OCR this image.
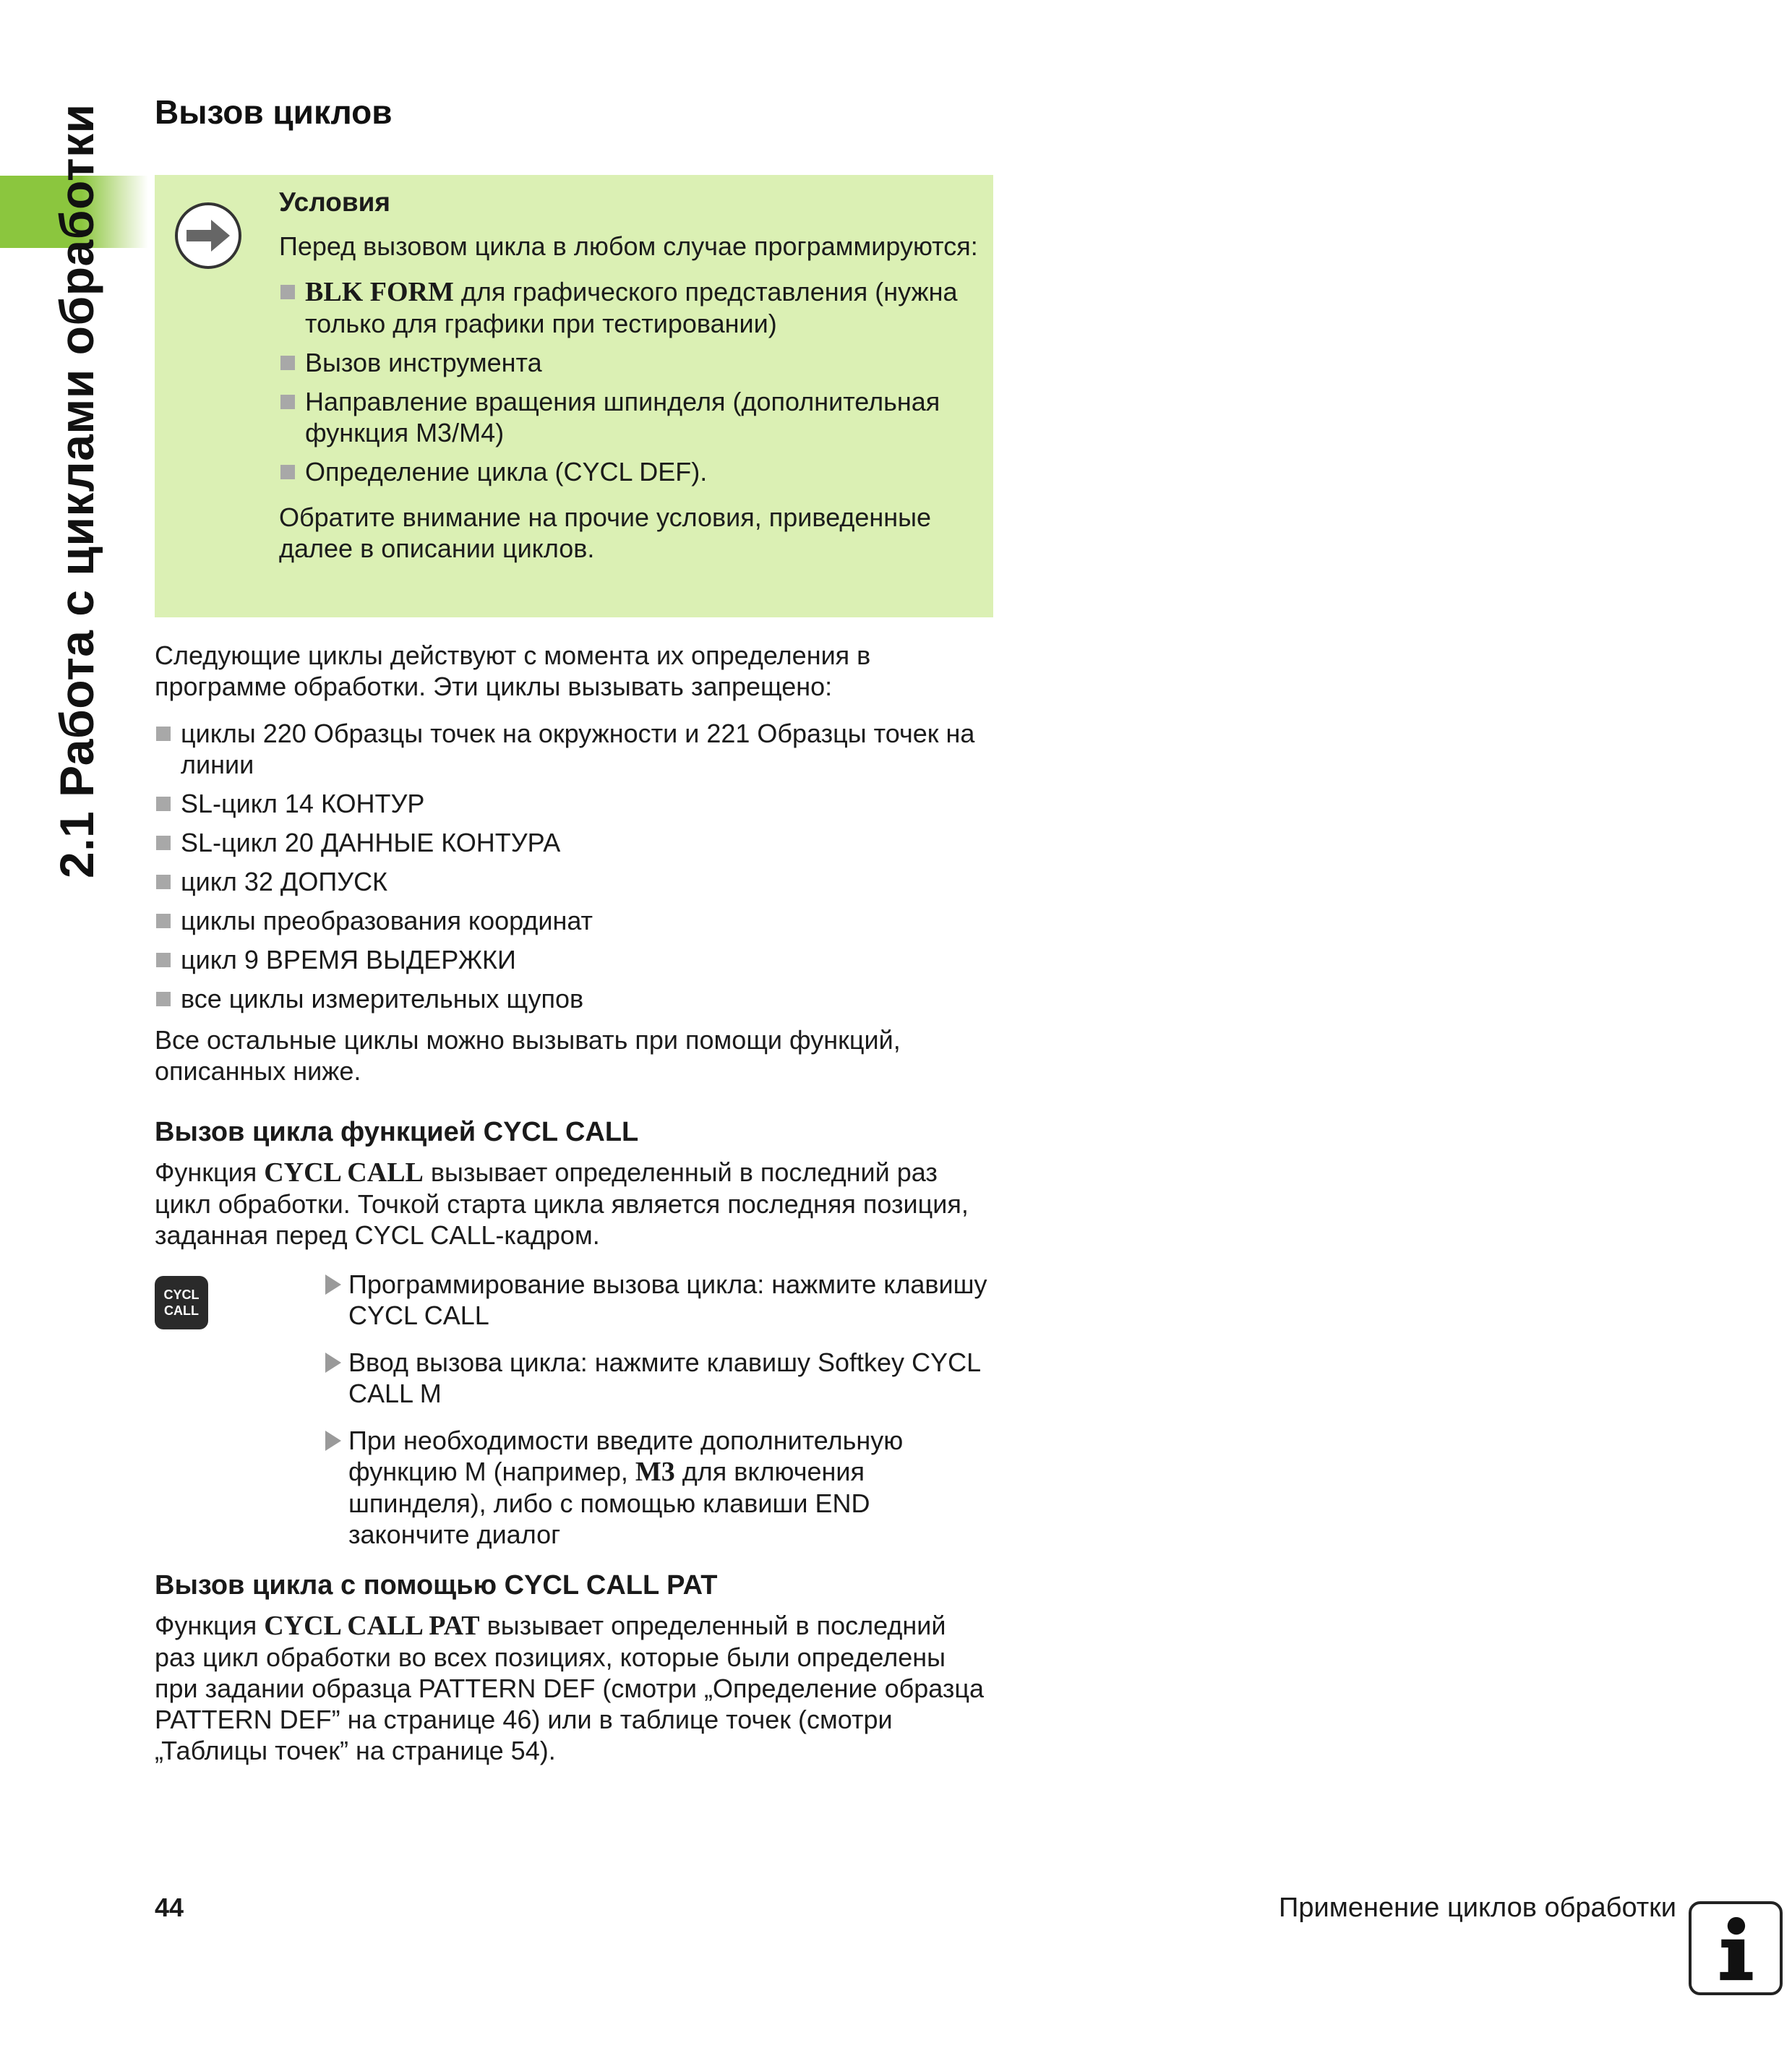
2.1 Работа с циклами обработки Вызов циклов
Условия
Перед вызовом цикла в любом случае программируются:
BLK FORM для графического представления (нужна только для графики при тестировании)
Вызов инструмента
Направление вращения шпинделя (дополнительная функция M3/M4)
Определение цикла (CYCL DEF).
Обратите внимание на прочие условия, приведенные далее в описании циклов.
Следующие циклы действуют с момента их определения в программе обработки. Эти циклы вызывать запрещено:
циклы 220 Образцы точек на окружности и 221 Образцы точек на линии
SL-цикл 14 КОНТУР
SL-цикл 20 ДАННЫЕ КОНТУРА
цикл 32 ДОПУСК
циклы преобразования координат
цикл 9 ВРЕМЯ ВЫДЕРЖКИ
все циклы измерительных щупов
Все остальные циклы можно вызывать при помощи функций, описанных ниже.
Вызов цикла функцией CYCL CALL
Функция CYCL CALL вызывает определенный в последний раз цикл обработки. Точкой старта цикла является последняя позиция, заданная перед CYCL CALL-кадром.
CYCL
CALL
Программирование вызова цикла: нажмите клавишу CYCL CALL
Ввод вызова цикла: нажмите клавишу Softkey CYCL CALL M
При необходимости введите дополнительную функцию M (например, M3 для включения шпинделя), либо с помощью клавиши END закончите диалог
Вызов цикла с помощью CYCL CALL PAT
Функция CYCL CALL PAT вызывает определенный в последний раз цикл обработки во всех позициях, которые были определены при задании образца PATTERN DEF (смотри „Определение образца PATTERN DEF” на странице 46) или в таблице точек (смотри „Таблицы точек” на странице 54).
44	Применение циклов обработки
